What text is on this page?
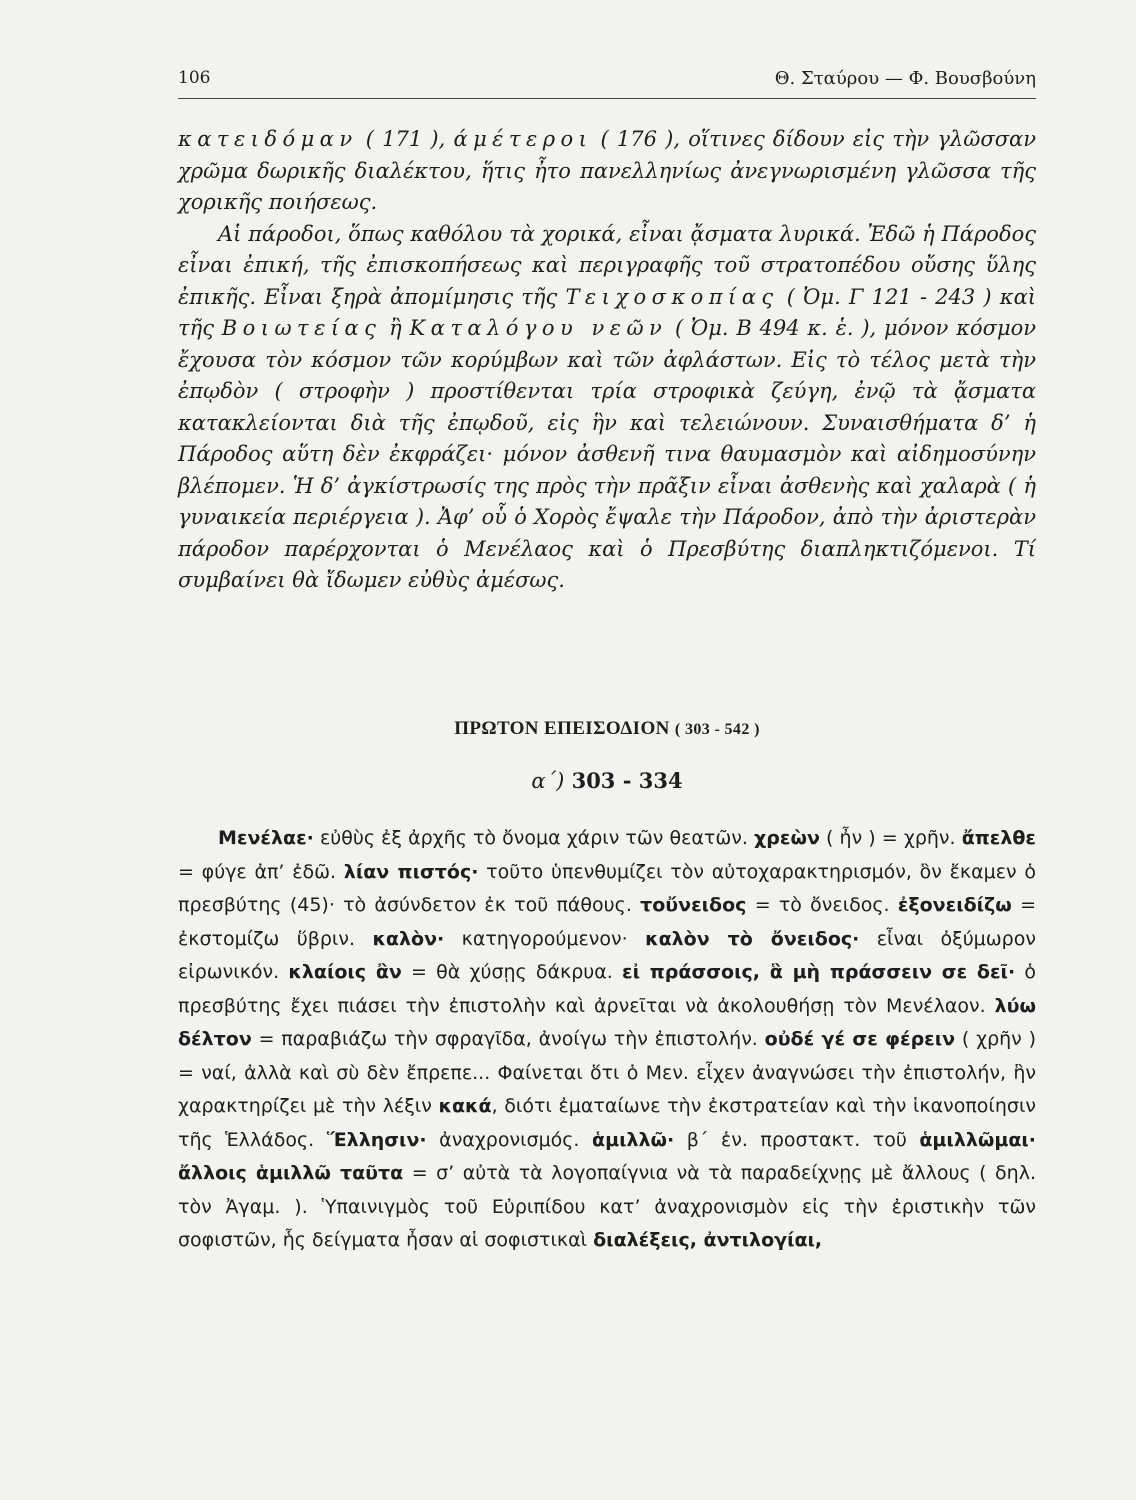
106	Θ. Σταύρου — Φ. Βουσβούνη

κατειδόμαν ( 171 ), άμέτεροι ( 176 ), οἵτινες δίδουν εἰς τὴν γλῶσσαν χρῶμα δωρικῆς διαλέκτου, ἥτις ἦτο πανελληνίως ἀνεγνωρισμένη γλῶσσα τῆς χορικῆς ποιήσεως.

Αἱ πάροδοι, ὅπως καθόλου τὰ χορικά, εἶναι ᾄσματα λυρικά. Ἐδῶ ἡ Πάροδος εἶναι ἐπική, τῆς ἐπισκοπήσεως καὶ περιγραφῆς τοῦ στρατοπέδου οὔσης ὕλης ἐπικῆς. Εἶναι ξηρὰ ἀπομίμησις τῆς Τειχοσκοπίας ( Ὀμ. Γ 121 - 243 ) καὶ τῆς Βοιωτείας ἢ Καταλόγου νεῶν ( Ὀμ. Β 494 κ. ἑ. ), μόνον κόσμον ἔχουσα τὸν κόσμον τῶν κορύμβων καὶ τῶν ἀφλάστων. Εἰς τὸ τέλος μετὰ τὴν ἐπῳδὸν ( στροφὴν ) προστίθενται τρία στροφικὰ ζεύγη, ἐνῷ τὰ ᾄσματα κατακλείονται διὰ τῆς ἐπῳδοῦ, εἰς ἣν καὶ τελειώνουν. Συναισθήματα δ’ ἡ Πάροδος αὕτη δὲν ἐκφράζει· μόνον ἀσθενῆ τινα θαυμασμὸν καὶ αἰδημοσύνην βλέπομεν. Ἡ δ’ ἀγκίστρωσίς της πρὸς τὴν πρᾶξιν εἶναι ἀσθενὴς καὶ χαλαρὰ ( ἡ γυναικεία περιέργεια ). Ἀφ’ οὗ ὁ Χορὸς ἔψαλε τὴν Πάροδον, ἀπὸ τὴν ἀριστερὰν πάροδον παρέρχονται ὁ Μενέλαος καὶ ὁ Πρεσβύτης διαπληκτιζόμενοι. Τί συμβαίνει θὰ ἴδωμεν εὐθὺς ἀμέσως.

ΠΡΩΤΟΝ ΕΠΕΙΣΟΔΙΟΝ ( 303 - 542 )
α΄) 303 - 334

Μενέλαε· εὐθὺς ἐξ ἀρχῆς τὸ ὄνομα χάριν τῶν θεατῶν. χρεὼν ( ἦν ) = χρῆν. ἄπελθε = φύγε ἀπ’ ἐδῶ. λίαν πιστός· τοῦτο ὑπενθυμίζει τὸν αὐτοχαρακτηρισμόν, ὃν ἔκαμεν ὁ πρεσβύτης (45)· τὸ ἀσύνδετον ἐκ τοῦ πάθους. τοὔνειδος = τὸ ὄνειδος. ἐξονειδίζω = ἐκστομίζω ὕβριν. καλὸν· κατηγορούμενον· καλὸν τὸ ὄνειδος· εἶναι ὀξύμωρον εἰρωνικόν. κλαίοις ἂν = θὰ χύσῃς δάκρυα. εἰ πράσσοις, ἃ μὴ πράσσειν σε δεῖ· ὁ πρεσβύτης ἔχει πιάσει τὴν ἐπιστολὴν καὶ ἀρνεῖται νὰ ἀκολουθήσῃ τὸν Μενέλαον. λύω δέλτον = παραβιάζω τὴν σφραγῖδα, ἀνοίγω τὴν ἐπιστολήν. οὐδέ γέ σε φέρειν ( χρῆν ) = ναί, ἀλλὰ καὶ σὺ δὲν ἔπρεπε... Φαίνεται ὅτι ὁ Μεν. εἶχεν ἀναγνώσει τὴν ἐπιστολήν, ἣν χαρακτηρίζει μὲ τὴν λέξιν κακά, διότι ἐματαίωνε τὴν ἐκστρατείαν καὶ τὴν ἱκανοποίησιν τῆς Ἑλλάδος. Ἕλλησιν· ἀναχρονισμός. ἁμιλλῶ· β΄ ἑν. προστακτ. τοῦ ἁμιλλῶμαι· ἄλλοις ἁμιλλῶ ταῦτα = σ’ αὐτὰ τὰ λογοπαίγνια νὰ τὰ παραδείχνῃς μὲ ἄλλους ( δηλ. τὸν Ἀγαμ. ). Ὑπαινιγμὸς τοῦ Εὐριπίδου κατ’ ἀναχρονισμὸν εἰς τὴν ἐριστικὴν τῶν σοφιστῶν, ἧς δείγματα ἦσαν αἱ σοφιστικαὶ διαλέξεις, ἀντιλογίαι,
